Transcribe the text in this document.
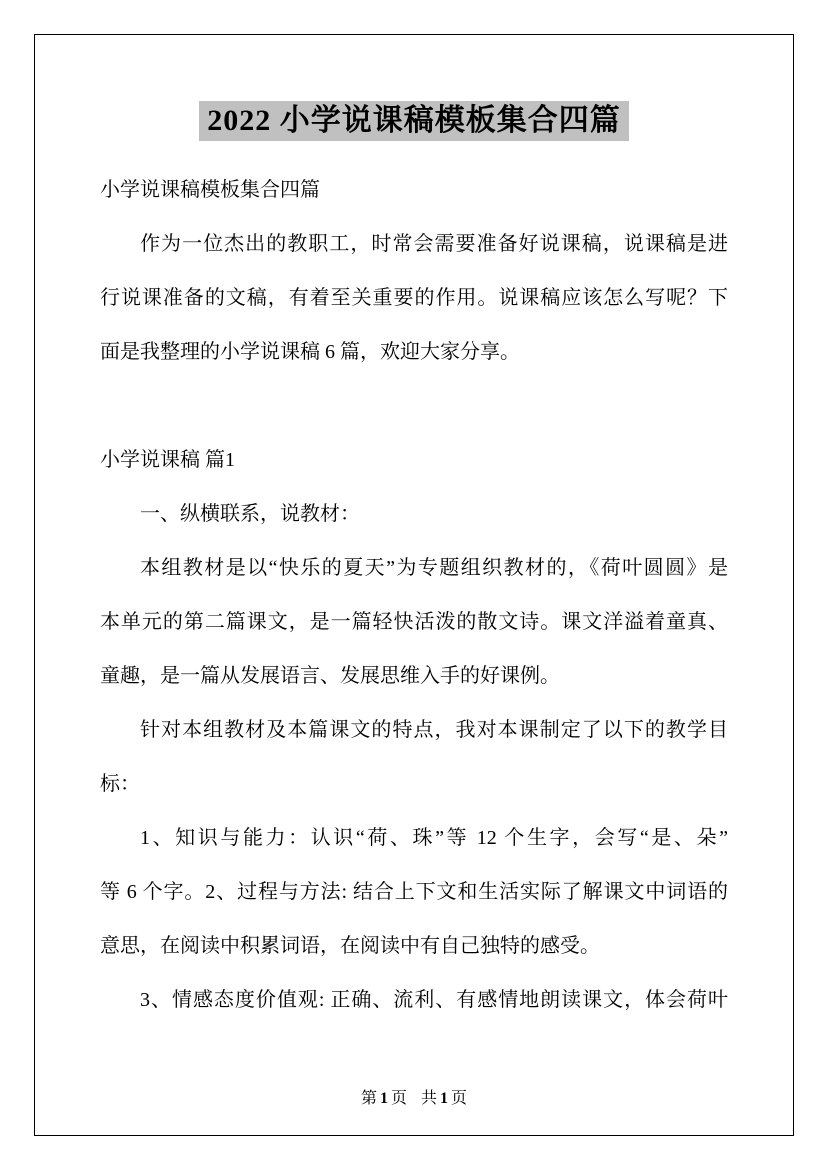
2022 小学说课稿模板集合四篇
小学说课稿模板集合四篇
作为一位杰出的教职工，时常会需要准备好说课稿，说课稿是进
行说课准备的文稿，有着至关重要的作用。说课稿应该怎么写呢？下
面是我整理的小学说课稿 6 篇，欢迎大家分享。
小学说课稿 篇1
一、纵横联系，说教材：
本组教材是以“快乐的夏天”为专题组织教材的，《荷叶圆圆》是
本单元的第二篇课文，是一篇轻快活泼的散文诗。课文洋溢着童真、
童趣，是一篇从发展语言、发展思维入手的好课例。
针对本组教材及本篇课文的特点，我对本课制定了以下的教学目
标：
1、知识与能力：认识“荷、珠”等 12 个生字，会写“是、朵”
等 6 个字。2、过程与方法: 结合上下文和生活实际了解课文中词语的
意思，在阅读中积累词语，在阅读中有自己独特的感受。
3、情感态度价值观: 正确、流利、有感情地朗读课文，体会荷叶
第 1 页 共 1 页
